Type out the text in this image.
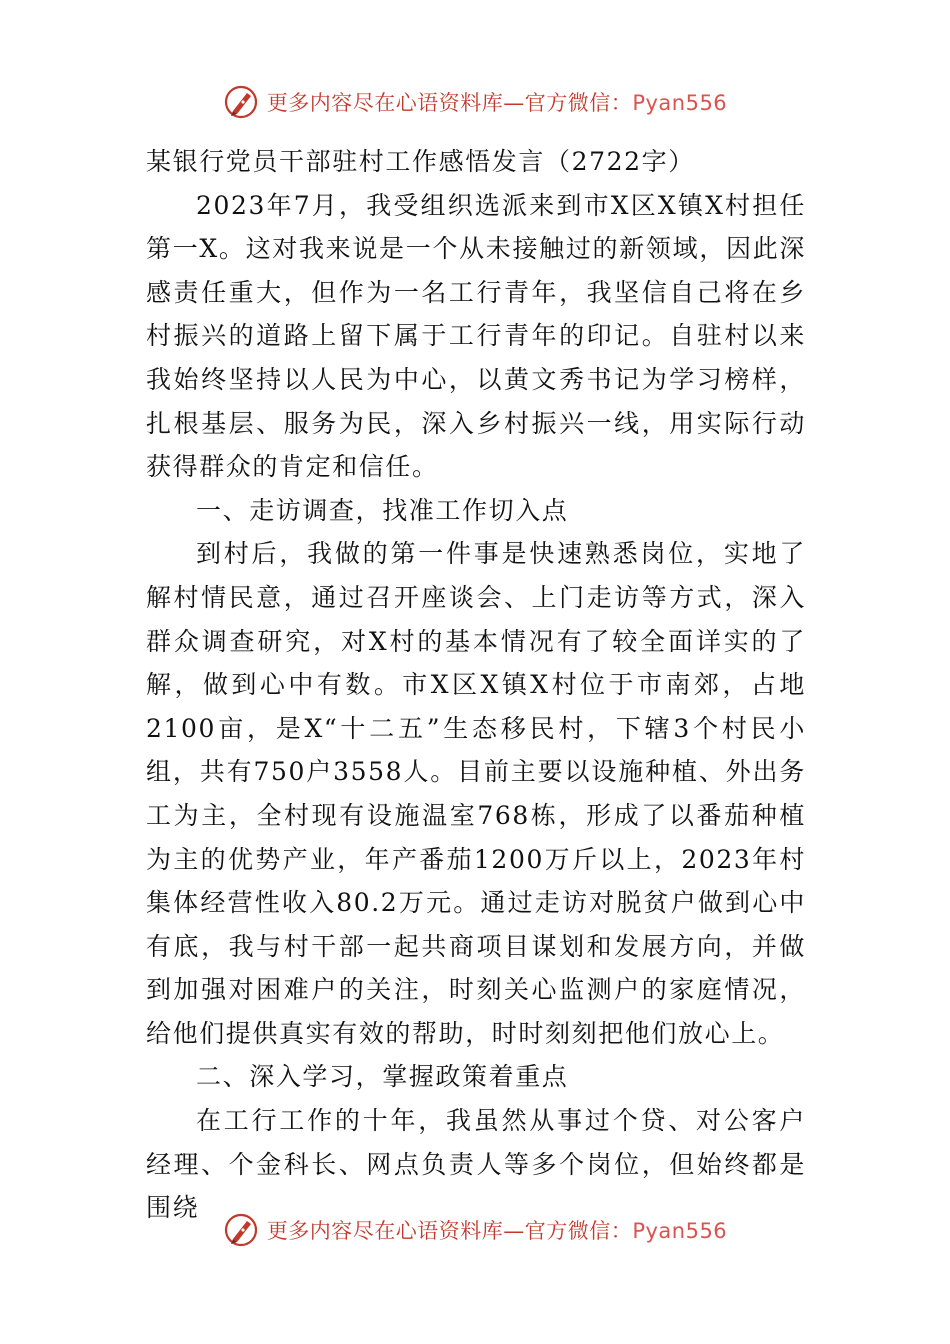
更多内容尽在心语资料库—官方微信：Pyan556

某银行党员干部驻村工作感悟发言（2722字）

2023年7月，我受组织选派来到市X区X镇X村担任第一X。这对我来说是一个从未接触过的新领域，因此深感责任重大，但作为一名工行青年，我坚信自己将在乡村振兴的道路上留下属于工行青年的印记。自驻村以来我始终坚持以人民为中心，以黄文秀书记为学习榜样，扎根基层、服务为民，深入乡村振兴一线，用实际行动获得群众的肯定和信任。

一、走访调查，找准工作切入点

到村后，我做的第一件事是快速熟悉岗位，实地了解村情民意，通过召开座谈会、上门走访等方式，深入群众调查研究，对X村的基本情况有了较全面详实的了解，做到心中有数。市X区X镇X村位于市南郊，占地2100亩，是X“十二五”生态移民村，下辖3个村民小组，共有750户3558人。目前主要以设施种植、外出务工为主，全村现有设施温室768栋，形成了以番茄种植为主的优势产业，年产番茄1200万斤以上，2023年村集体经营性收入80.2万元。通过走访对脱贫户做到心中有底，我与村干部一起共商项目谋划和发展方向，并做到加强对困难户的关注，时刻关心监测户的家庭情况，给他们提供真实有效的帮助，时时刻刻把他们放心上。

二、深入学习，掌握政策着重点

在工行工作的十年，我虽然从事过个贷、对公客户经理、个金科长、网点负责人等多个岗位，但始终都是围绕

更多内容尽在心语资料库—官方微信：Pyan556
